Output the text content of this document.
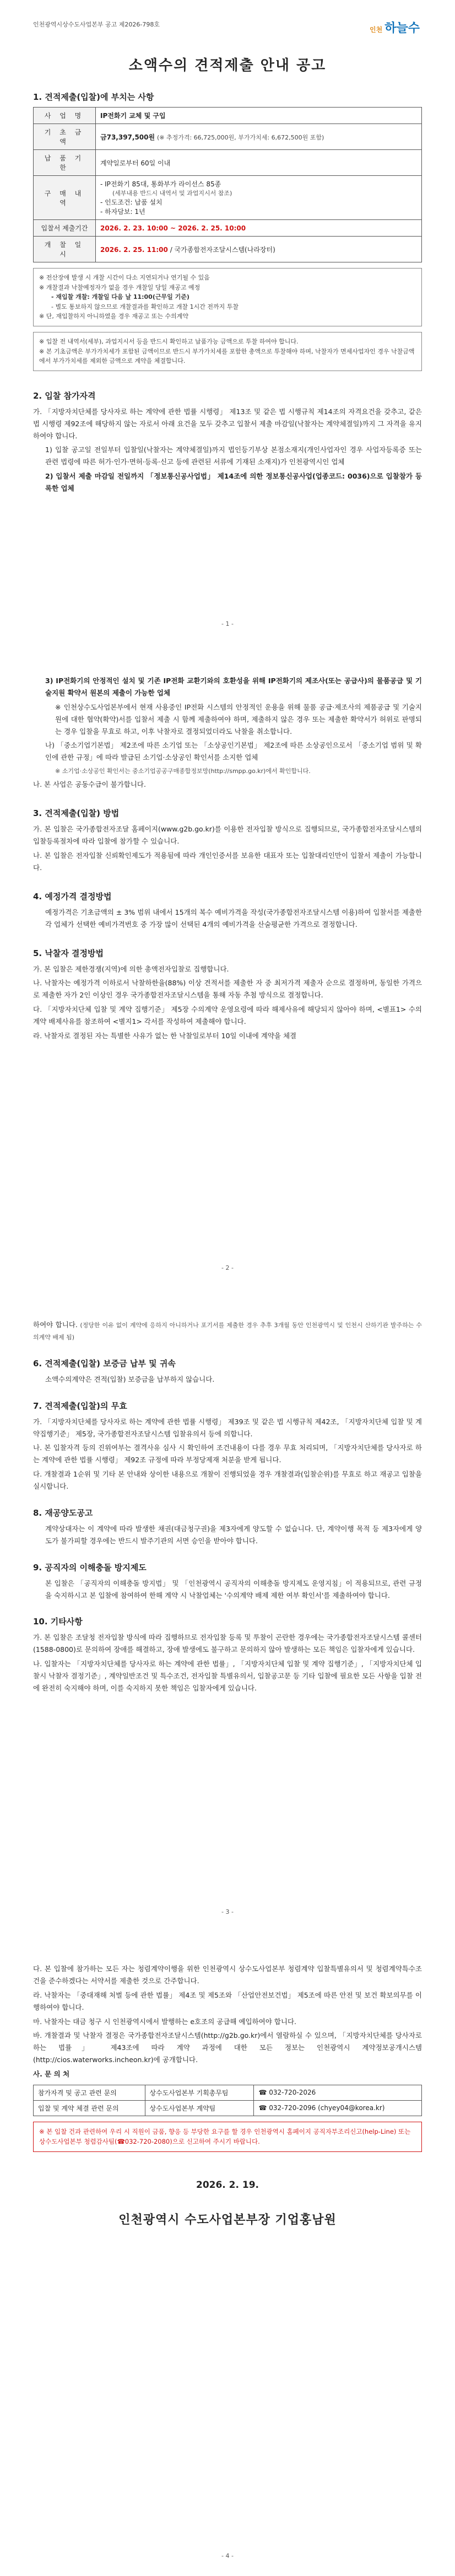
인천광역시상수도사업본부 공고 제2026-798호
인천 하늘수
소액수의 견적제출 안내 공고
1. 견적제출(입찰)에 부치는 사항
사 업 명	IP전화기 교체 및 구입
기 초 금 액	금73,397,500원 (※ 추정가격: 66,725,000원, 부가가치세: 6,672,500원 포함)
납 품 기 한	계약일로부터 60일 이내
구 매 내 역	- IP전화기 85대, 통화부가 라이선스 85종
(세부내용 반드시 내역서 및 과업지시서 참조)
- 인도조건: 납품 설치
- 하자담보: 1년

입찰서 제출기간	2026. 2. 23. 10:00 ~ 2026. 2. 25. 10:00
개 찰 일 시	2026. 2. 25. 11:00 / 국가종합전자조달시스템(나라장터)
※ 전산장애 발생 시 개찰 시간이 다소 지연되거나 연기될 수 있음
※ 개찰결과 낙찰예정자가 없을 경우 개찰일 당일 재공고 예정
- 재입찰 개찰: 개찰일 다음 날 11:00(근무일 기준)
- 별도 통보하지 않으므로 개찰결과를 확인하고 개찰 1시간 전까지 투찰
※ 단, 재입찰하지 아니하였을 경우 재공고 또는 수의계약
※ 입찰 전 내역서(세부), 과업지시서 등을 반드시 확인하고 납품가능 금액으로 투찰 하여야 합니다.
※ 본 기초금액은 부가가치세가 포함된 금액이므로 반드시 부가가치세를 포함한 총액으로 투찰해야 하며, 낙찰자가 면세사업자인 경우 낙찰금액에서 부가가치세를 제외한 금액으로 계약을 체결합니다.
2. 입찰 참가자격
가. 「지방자치단체를 당사자로 하는 계약에 관한 법률 시행령」 제13조 및 같은 법 시행규칙 제14조의 자격요건을 갖추고, 같은 법 시행령 제92조에 해당하지 않는 자로서 아래 요건을 모두 갖추고 입찰서 제출 마감일(낙찰자는 계약체결일)까지 그 자격을 유지하여야 합니다.
1) 입찰 공고일 전일부터 입찰일(낙찰자는 계약체결일)까지 법인등기부상 본점소재지(개인사업자인 경우 사업자등록증 또는 관련 법령에 따른 허가·인가·면허·등록·신고 등에 관련된 서류에 기재된 소재지)가 인천광역시인 업체
2) 입찰서 제출 마감일 전일까지 「정보통신공사업법」 제14조에 의한 정보통신공사업(업종코드: 0036)으로 입찰참가 등록한 업체
- 1 -
3) IP전화기의 안정적인 설치 및 기존 IP전화 교환기와의 호환성을 위해 IP전화기의 제조사(또는 공급사)의 물품공급 및 기술지원 확약서 원본의 제출이 가능한 업체
※ 인천상수도사업본부에서 현재 사용중인 IP전화 시스템의 안정적인 운용을 위해 물품 공급·제조사의 제품공급 및 기술지원에 대한 협약(확약)서를 입찰서 제출 시 함께 제출하여야 하며, 제출하지 않은 경우 또는 제출한 확약서가 허위로 판명되는 경우 입찰을 무효로 하고, 이후 낙찰자로 결정되었더라도 낙찰을 취소합니다.
나) 「중소기업기본법」 제2조에 따른 소기업 또는 「소상공인기본법」 제2조에 따른 소상공인으로서 「중소기업 범위 및 확인에 관한 규정」에 따라 발급된 소기업·소상공인 확인서를 소지한 업체
※ 소기업·소상공인 확인서는 중소기업공공구매종합정보망(http://smpp.go.kr)에서 확인합니다.
나. 본 사업은 공동수급이 불가합니다.
3. 견적제출(입찰) 방법
가. 본 입찰은 국가종합전자조달 홈페이지(www.g2b.go.kr)를 이용한 전자입찰 방식으로 집행되므로, 국가종합전자조달시스템의 입찰등록절차에 따라 입찰에 참가할 수 있습니다.
나. 본 입찰은 전자입찰 신뢰확인제도가 적용됨에 따라 개인인증서를 보유한 대표자 또는 입찰대리인만이 입찰서 제출이 가능합니다.
4. 예정가격 결정방법
예정가격은 기초금액의 ± 3% 범위 내에서 15개의 복수 예비가격을 작성(국가종합전자조달시스템 이용)하여 입찰서를 제출한 각 업체가 선택한 예비가격번호 중 가장 많이 선택된 4개의 예비가격을 산술평균한 가격으로 결정합니다.
5. 낙찰자 결정방법
가. 본 입찰은 제한경쟁(지역)에 의한 총액전자입찰로 집행합니다.
나. 낙찰자는 예정가격 이하로서 낙찰하한율(88%) 이상 견적서를 제출한 자 중 최저가격 제출자 순으로 결정하며, 동일한 가격으로 제출한 자가 2인 이상인 경우 국가종합전자조달시스템을 통해 자동 추첨 방식으로 결정합니다.
다. 「지방자치단체 입찰 및 계약 집행기준」 제5장 수의계약 운영요령에 따라 해제사유에 해당되지 않아야 하며, <별표1> 수의계약 배제사유를 참조하여 <별지1> 각서를 작성하여 제출해야 합니다.
라. 낙찰자로 결정된 자는 특별한 사유가 없는 한 낙찰일로부터 10일 이내에 계약을 체결
- 2 -
하여야 합니다. (정당한 이유 없이 계약에 응하지 아니하거나 포기서를 제출한 경우 추후 3개월 동안 인천광역시 및 인천시 산하기관 발주하는 수의계약 배제 됨)
6. 견적제출(입찰) 보증금 납부 및 귀속
소액수의계약은 견적(입찰) 보증금을 납부하지 않습니다.
7. 견적제출(입찰)의 무효
가. 「지방자치단체를 당사자로 하는 계약에 관한 법률 시행령」 제39조 및 같은 법 시행규칙 제42조, 「지방자치단체 입찰 및 계약집행기준」 제5장, 국가종합전자조달시스템 입찰유의서 등에 의합니다.
나. 본 입찰자격 등의 진위여부는 결격사유 심사 시 확인하여 조건내용이 다를 경우 무효 처리되며, 「지방자치단체를 당사자로 하는 계약에 관한 법률 시행령」 제92조 규정에 따라 부정당제재 처분을 받게 됩니다.
다. 개찰결과 1순위 및 기타 본 안내와 상이한 내용으로 개찰이 진행되었을 경우 개찰결과(입찰순위)를 무효로 하고 재공고 입찰을 실시합니다.
8. 재공양도공고
계약상대자는 이 계약에 따라 발생한 채권(대금청구권)을 제3자에게 양도할 수 없습니다. 단, 계약이행 목적 등 제3자에게 양도가 불가피할 경우에는 반드시 발주기관의 서면 승인을 받아야 합니다.
9. 공직자의 이해충돌 방지제도
본 입찰은 「공직자의 이해충돌 방지법」 및 「인천광역시 공직자의 이해충돌 방지제도 운영지침」이 적용되므로, 관련 규정을 숙지하시고 본 입찰에 참여하여 한해 계약 시 낙찰업체는 '수의계약 배제 제한 여부 확인서'를 제출하여야 합니다.
10. 기타사항
가. 본 입찰은 조달청 전자입찰 방식에 따라 집행하므로 전자입찰 등록 및 투찰이 곤란한 경우에는 국가종합전자조달시스템 콜센터(1588-0800)로 문의하여 장애를 해결하고, 장애 발생에도 불구하고 문의하지 않아 발생하는 모든 책임은 입찰자에게 있습니다.
나. 입찰자는 「지방자치단체를 당사자로 하는 계약에 관한 법률」, 「지방자치단체 입찰 및 계약 집행기준」, 「지방자치단체 입찰시 낙찰자 결정기준」, 계약일반조건 및 특수조건, 전자입찰 특별유의서, 입찰공고문 등 기타 입찰에 필요한 모든 사항을 입찰 전에 완전히 숙지해야 하며, 이를 숙지하지 못한 책임은 입찰자에게 있습니다.
- 3 -
다. 본 입찰에 참가하는 모든 자는 청렴계약이행을 위한 인천광역시 상수도사업본부 청렴계약 입찰특별유의서 및 청렴계약특수조건을 준수하겠다는 서약서를 제출한 것으로 간주합니다.
라. 낙찰자는 「중대재해 처벌 등에 관한 법률」 제4조 및 제5조와 「산업안전보건법」 제5조에 따른 안전 및 보건 확보의무를 이행하여야 합니다.
마. 낙찰자는 대금 청구 시 인천광역시에서 발행하는 e호조의 공급해 예입하여야 합니다.
바. 개찰결과 및 낙찰자 결정은 국가종합전자조달시스템(http://g2b.go.kr)에서 열람하실 수 있으며, 「지방자치단체를 당사자로 하는 법률」 제43조에 따라 계약 과정에 대한 모든 정보는 인천광역시 계약정보공개시스템(http://cios.waterworks.incheon.kr)에 공개합니다.
사. 문 의 처
참가자격 및 공고 관련 문의	상수도사업본부 기획총무팀	☎ 032-720-2026
입찰 및 계약 체결 관련 문의	상수도사업본부 계약팀	☎ 032-720-2096 (chyey04@korea.kr)
※ 본 입찰 건과 관련하여 우리 시 직원이 금품, 향응 등 부당한 요구를 할 경우 인천광역시 홈페이지 공직자부조리신고(help-Line) 또는 상수도사업본부 청렴감사팀(☎032-720-2080)으로 신고하여 주시기 바랍니다.
2026. 2. 19.
인천광역시 수도사업본부장 기업홍남원
- 4 -
